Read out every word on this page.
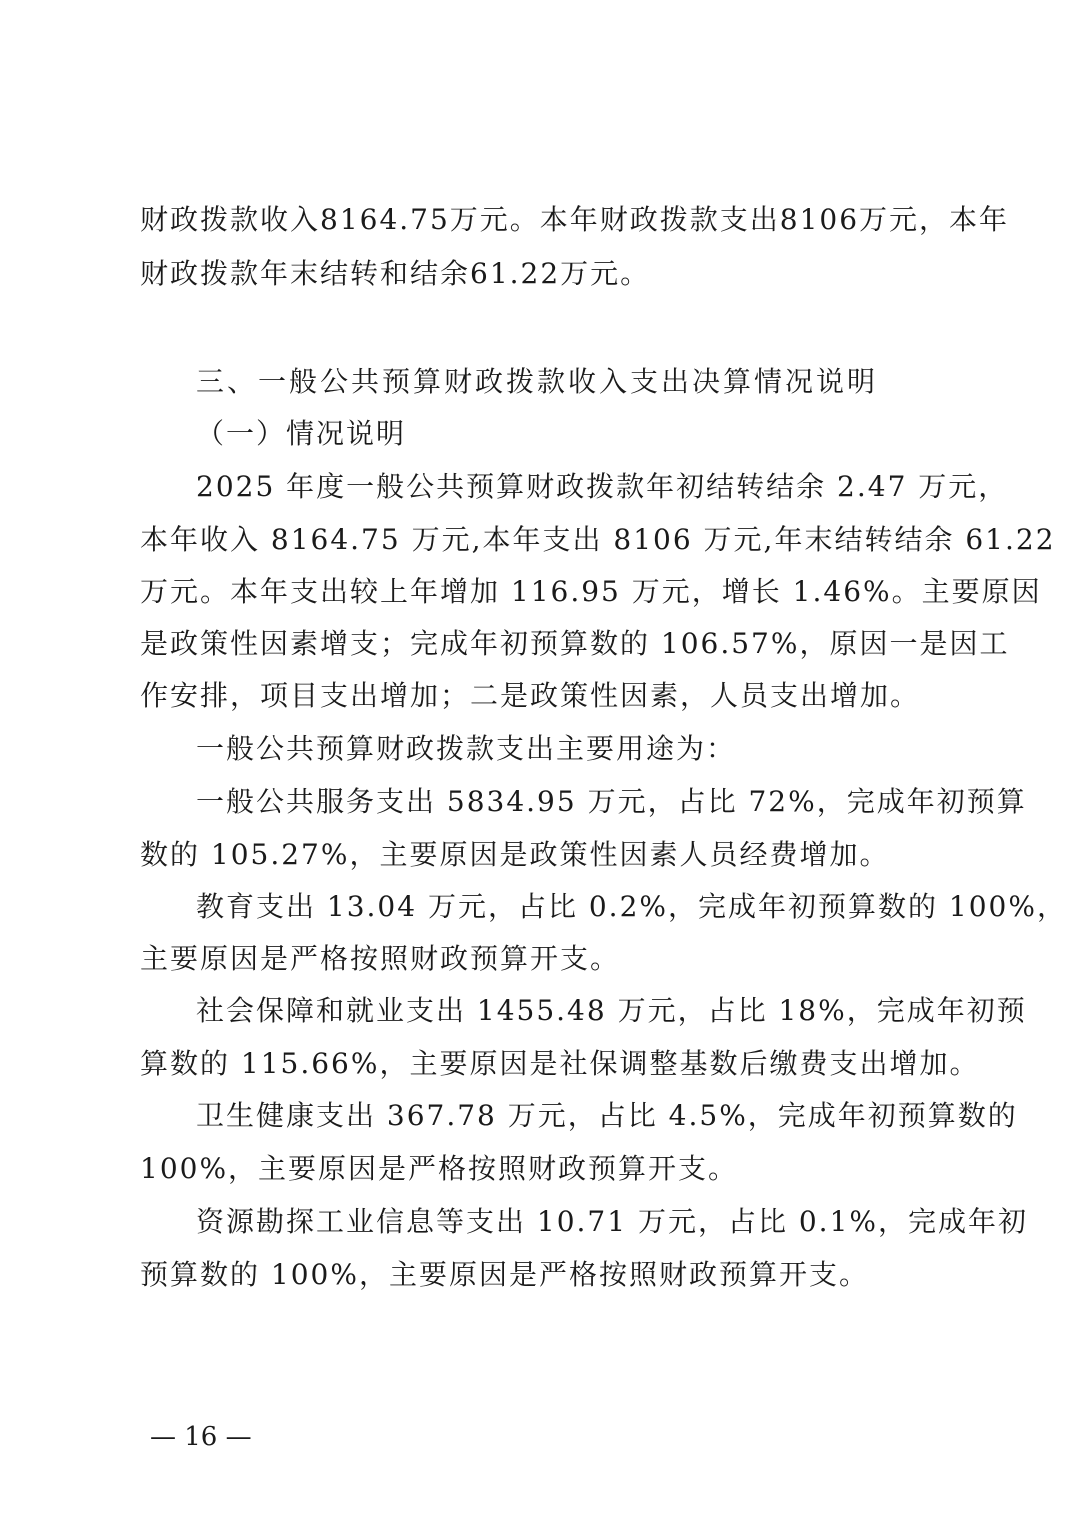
财政拨款收入8164.75万元。本年财政拨款支出8106万元，本年
财政拨款年末结转和结余61.22万元。
三、一般公共预算财政拨款收入支出决算情况说明
（一）情况说明
2025 年度一般公共预算财政拨款年初结转结余 2.47 万元，
本年收入 8164.75 万元,本年支出 8106 万元,年末结转结余 61.22
万元。本年支出较上年增加 116.95 万元，增长 1.46%。主要原因
是政策性因素增支；完成年初预算数的 106.57%，原因一是因工
作安排，项目支出增加；二是政策性因素，人员支出增加。
一般公共预算财政拨款支出主要用途为：
一般公共服务支出 5834.95 万元，占比 72%，完成年初预算
数的 105.27%，主要原因是政策性因素人员经费增加。
教育支出 13.04 万元，占比 0.2%，完成年初预算数的 100%，
主要原因是严格按照财政预算开支。
社会保障和就业支出 1455.48 万元，占比 18%，完成年初预
算数的 115.66%，主要原因是社保调整基数后缴费支出增加。
卫生健康支出 367.78 万元，占比 4.5%，完成年初预算数的
100%，主要原因是严格按照财政预算开支。
资源勘探工业信息等支出 10.71 万元，占比 0.1%，完成年初
预算数的 100%，主要原因是严格按照财政预算开支。
— 16 —
